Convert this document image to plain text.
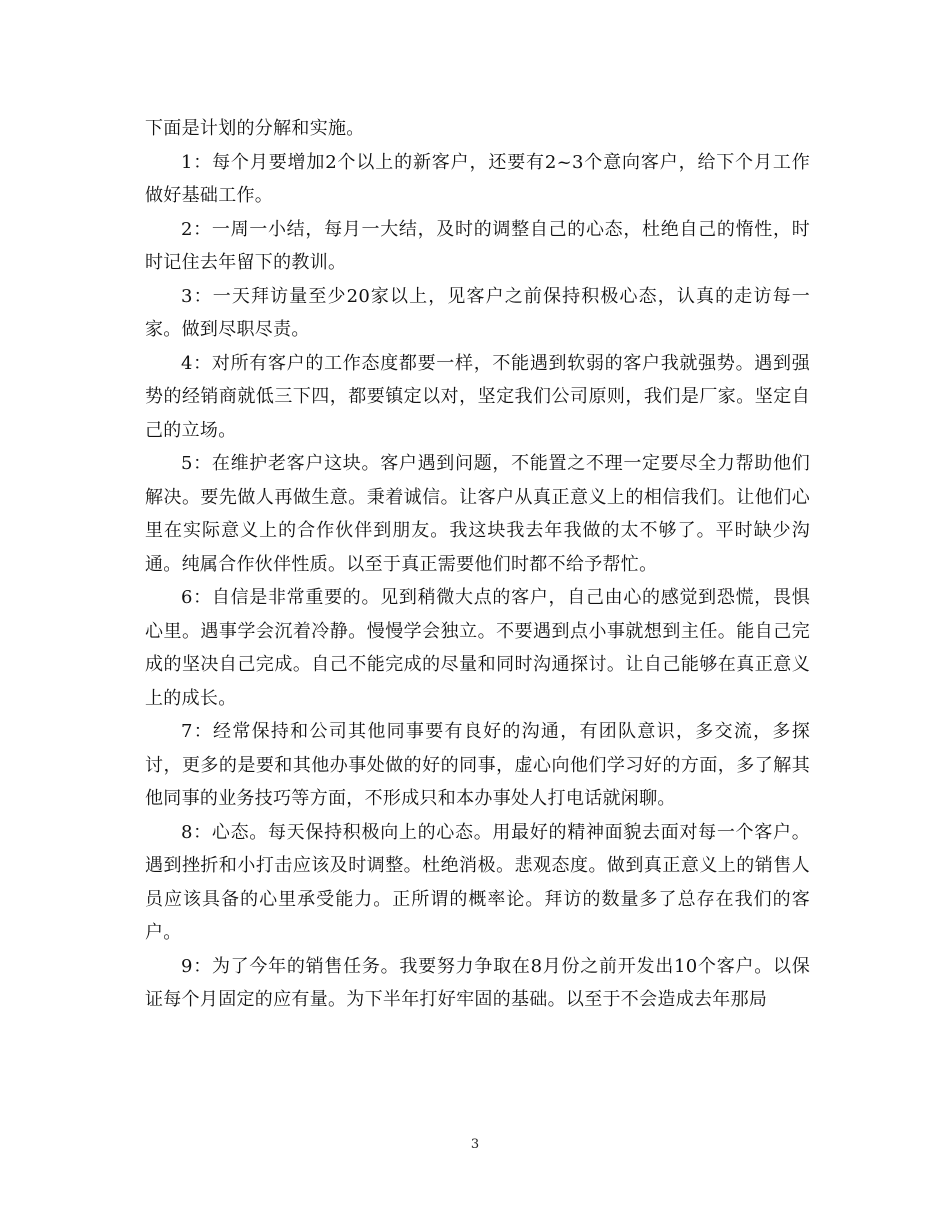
下面是计划的分解和实施。

1：每个月要增加2个以上的新客户，还要有2~3个意向客户，给下个月工作做好基础工作。

2：一周一小结，每月一大结，及时的调整自己的心态，杜绝自己的惰性，时时记住去年留下的教训。

3：一天拜访量至少20家以上，见客户之前保持积极心态，认真的走访每一家。做到尽职尽责。

4：对所有客户的工作态度都要一样，不能遇到软弱的客户我就强势。遇到强势的经销商就低三下四，都要镇定以对，坚定我们公司原则，我们是厂家。坚定自己的立场。

5：在维护老客户这块。客户遇到问题，不能置之不理一定要尽全力帮助他们解决。要先做人再做生意。秉着诚信。让客户从真正意义上的相信我们。让他们心里在实际意义上的合作伙伴到朋友。我这块我去年我做的太不够了。平时缺少沟通。纯属合作伙伴性质。以至于真正需要他们时都不给予帮忙。

6：自信是非常重要的。见到稍微大点的客户，自己由心的感觉到恐慌，畏惧心里。遇事学会沉着冷静。慢慢学会独立。不要遇到点小事就想到主任。能自己完成的坚决自己完成。自己不能完成的尽量和同时沟通探讨。让自己能够在真正意义上的成长。

7：经常保持和公司其他同事要有良好的沟通，有团队意识，多交流，多探讨，更多的是要和其他办事处做的好的同事，虚心向他们学习好的方面，多了解其他同事的业务技巧等方面，不形成只和本办事处人打电话就闲聊。

8：心态。每天保持积极向上的心态。用最好的精神面貌去面对每一个客户。遇到挫折和小打击应该及时调整。杜绝消极。悲观态度。做到真正意义上的销售人员应该具备的心里承受能力。正所谓的概率论。拜访的数量多了总存在我们的客户。

9：为了今年的销售任务。我要努力争取在8月份之前开发出10个客户。以保证每个月固定的应有量。为下半年打好牢固的基础。以至于不会造成去年那局

3
